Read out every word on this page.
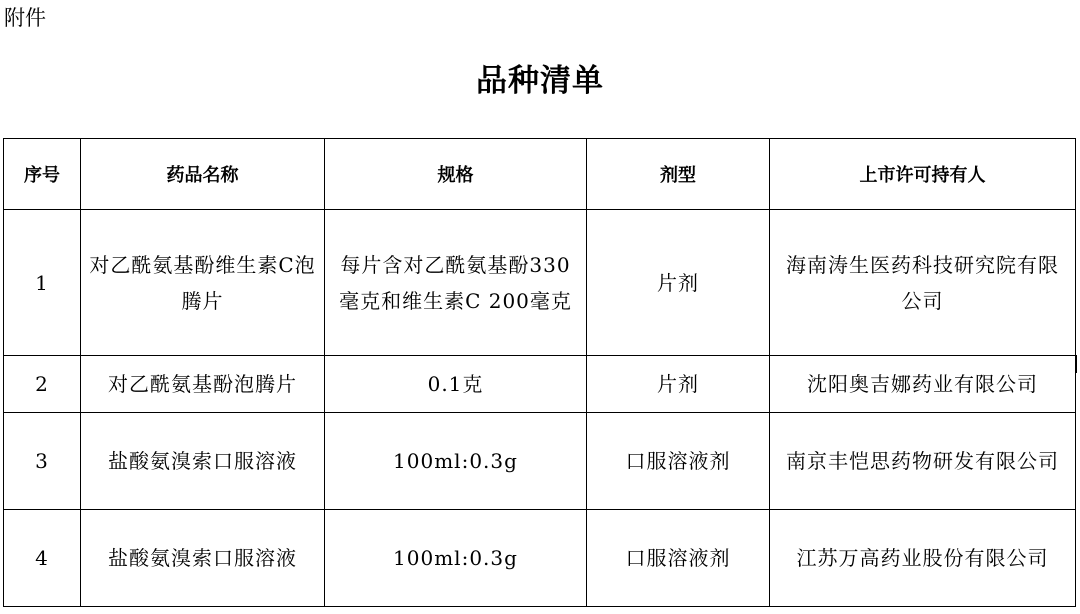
附件
品种清单
序号	药品名称	规格	剂型	上市许可持有人
1	对乙酰氨基酚维生素C泡腾片	每片含对乙酰氨基酚330毫克和维生素C 200毫克	片剂	海南涛生医药科技研究院有限公司
2	对乙酰氨基酚泡腾片	0.1克	片剂	沈阳奥吉娜药业有限公司
3	盐酸氨溴索口服溶液	100ml:0.3g	口服溶液剂	南京丰恺思药物研发有限公司
4	盐酸氨溴索口服溶液	100ml:0.3g	口服溶液剂	江苏万高药业股份有限公司
